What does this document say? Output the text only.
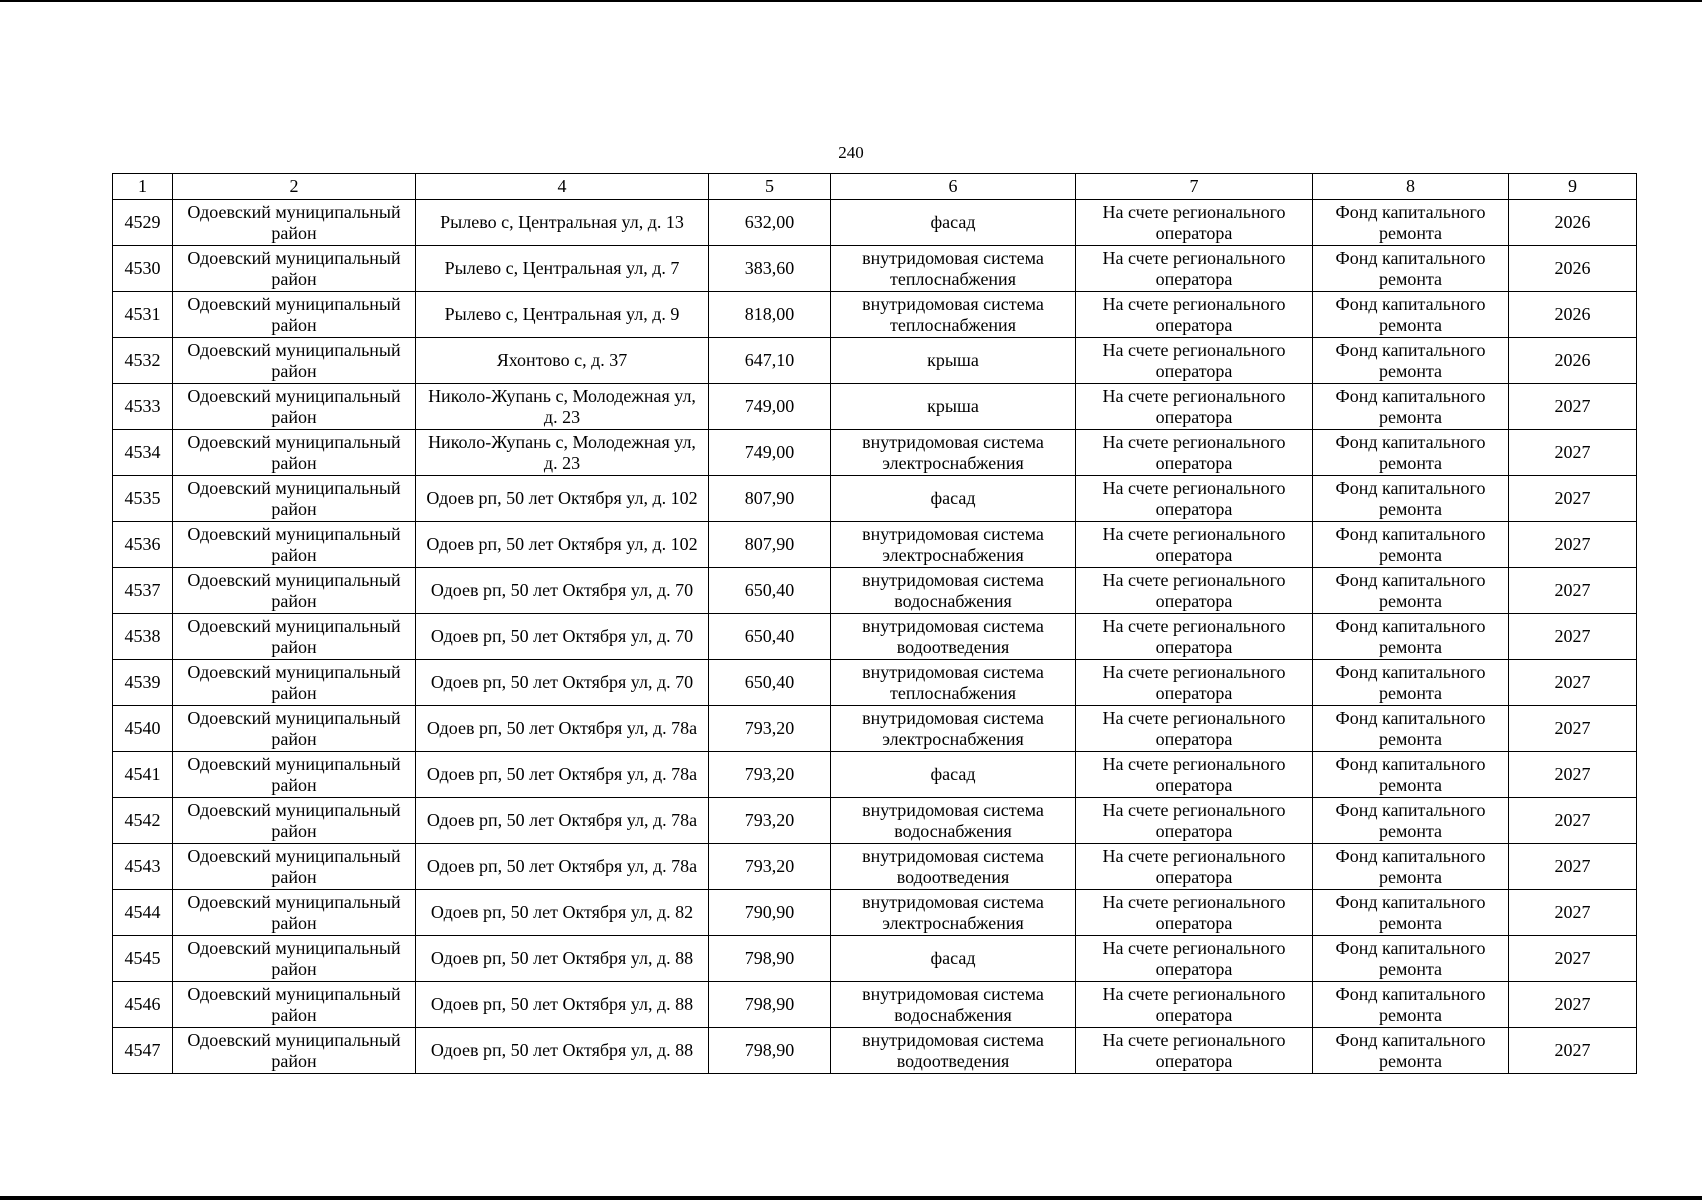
240
1	2	4	5	6	7	8	9
4529	Одоевский муниципальный район	Рылево с, Центральная ул, д. 13	632,00	фасад	На счете регионального оператора	Фонд капитального ремонта	2026
4530	Одоевский муниципальный район	Рылево с, Центральная ул, д. 7	383,60	внутридомовая система теплоснабжения	На счете регионального оператора	Фонд капитального ремонта	2026
4531	Одоевский муниципальный район	Рылево с, Центральная ул, д. 9	818,00	внутридомовая система теплоснабжения	На счете регионального оператора	Фонд капитального ремонта	2026
4532	Одоевский муниципальный район	Яхонтово с, д. 37	647,10	крыша	На счете регионального оператора	Фонд капитального ремонта	2026
4533	Одоевский муниципальный район	Николо-Жупань с, Молодежная ул, д. 23	749,00	крыша	На счете регионального оператора	Фонд капитального ремонта	2027
4534	Одоевский муниципальный район	Николо-Жупань с, Молодежная ул, д. 23	749,00	внутридомовая система электроснабжения	На счете регионального оператора	Фонд капитального ремонта	2027
4535	Одоевский муниципальный район	Одоев рп, 50 лет Октября ул, д. 102	807,90	фасад	На счете регионального оператора	Фонд капитального ремонта	2027
4536	Одоевский муниципальный район	Одоев рп, 50 лет Октября ул, д. 102	807,90	внутридомовая система электроснабжения	На счете регионального оператора	Фонд капитального ремонта	2027
4537	Одоевский муниципальный район	Одоев рп, 50 лет Октября ул, д. 70	650,40	внутридомовая система водоснабжения	На счете регионального оператора	Фонд капитального ремонта	2027
4538	Одоевский муниципальный район	Одоев рп, 50 лет Октября ул, д. 70	650,40	внутридомовая система водоотведения	На счете регионального оператора	Фонд капитального ремонта	2027
4539	Одоевский муниципальный район	Одоев рп, 50 лет Октября ул, д. 70	650,40	внутридомовая система теплоснабжения	На счете регионального оператора	Фонд капитального ремонта	2027
4540	Одоевский муниципальный район	Одоев рп, 50 лет Октября ул, д. 78а	793,20	внутридомовая система электроснабжения	На счете регионального оператора	Фонд капитального ремонта	2027
4541	Одоевский муниципальный район	Одоев рп, 50 лет Октября ул, д. 78а	793,20	фасад	На счете регионального оператора	Фонд капитального ремонта	2027
4542	Одоевский муниципальный район	Одоев рп, 50 лет Октября ул, д. 78а	793,20	внутридомовая система водоснабжения	На счете регионального оператора	Фонд капитального ремонта	2027
4543	Одоевский муниципальный район	Одоев рп, 50 лет Октября ул, д. 78а	793,20	внутридомовая система водоотведения	На счете регионального оператора	Фонд капитального ремонта	2027
4544	Одоевский муниципальный район	Одоев рп, 50 лет Октября ул, д. 82	790,90	внутридомовая система электроснабжения	На счете регионального оператора	Фонд капитального ремонта	2027
4545	Одоевский муниципальный район	Одоев рп, 50 лет Октября ул, д. 88	798,90	фасад	На счете регионального оператора	Фонд капитального ремонта	2027
4546	Одоевский муниципальный район	Одоев рп, 50 лет Октября ул, д. 88	798,90	внутридомовая система водоснабжения	На счете регионального оператора	Фонд капитального ремонта	2027
4547	Одоевский муниципальный район	Одоев рп, 50 лет Октября ул, д. 88	798,90	внутридомовая система водоотведения	На счете регионального оператора	Фонд капитального ремонта	2027
